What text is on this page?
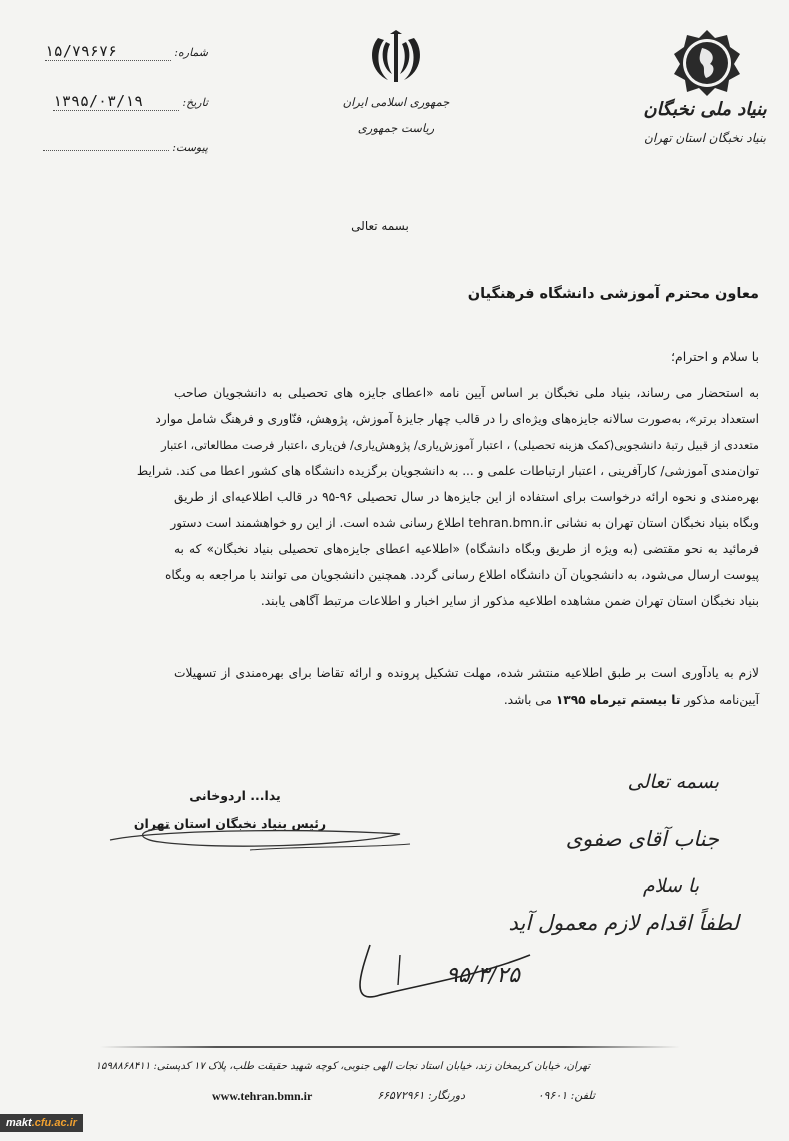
بنیاد ملی نخبگان
بنیاد نخبگان استان تهران
جمهوری اسلامی ایران
ریاست جمهوری
شماره: ۱۵/۷۹۶۷۶
تاریخ: ۱۳۹۵/۰۳/۱۹
پیوست:
بسمه تعالی
معاون محترم آموزشی دانشگاه فرهنگیان
با سلام و احترام؛
به استحضار می رساند، بنیاد ملی نخبگان بر اساس آیین نامه «اعطای جایزه های تحصیلی به دانشجویان صاحب
استعداد برتر»، به‌صورت سالانه جایزه‌های ویژه‌ای را در قالب چهار جایزهٔ آموزش، پژوهش، فنّاوری و فرهنگ شامل موارد
متعددی از قبیل رتبهٔ دانشجویی(کمک هزینه تحصیلی) ، اعتبار آموزش‌یاری/ پژوهش‌یاری/ فن‌یاری ،اعتبار فرصت مطالعاتی، اعتبار
توان‌مندی آموزشی/ کارآفرینی ، اعتبار ارتباطات علمی و ... به دانشجویان برگزیده دانشگاه های کشور اعطا می کند. شرایط
بهره‌مندی و نحوه ارائه درخواست برای استفاده از این جایزه‌ها در سال تحصیلی ۹۶-۹۵ در قالب اطلاعیه‌ای از طریق
وبگاه بنیاد نخبگان استان تهران به نشانی tehran.bmn.ir اطلاع رسانی شده است. از این رو خواهشمند است دستور
فرمائید به نحو مقتضی (به ویژه از طریق وبگاه دانشگاه) «اطلاعیه اعطای جایزه‌های تحصیلی بنیاد نخبگان» که به
پیوست ارسال می‌شود، به دانشجویان آن دانشگاه اطلاع رسانی گردد. همچنین دانشجویان می توانند با مراجعه به وبگاه
بنیاد نخبگان استان تهران ضمن مشاهده اطلاعیه مذکور از سایر اخبار و اطلاعات مرتبط آگاهی یابند.
لازم به یادآوری است بر طبق اطلاعیه منتشر شده، مهلت تشکیل پرونده و ارائه تقاضا برای بهره‌مندی از تسهیلات
آیین‌نامه مذکور تا بیستم تیرماه ۱۳۹۵ می باشد.
یدا... اردوخانی
رئیس بنیاد نخبگان استان تهران
بسمه تعالی
جناب آقای صفوی
با سلام
لطفاً اقدام لازم معمول آید
۹۵/۳/۲۵
تهران، خیابان کریمخان زند، خیابان استاد نجات الهی جنوبی، کوچه شهید حقیقت طلب، پلاک ۱۷ کدپستی: ۱۵۹۸۸۶۸۴۱۱
تلفن: ۰۹۶۰۱
دورنگار: ۶۶۵۷۲۹۶۱
www.tehran.bmn.ir
makt.cfu.ac.ir
